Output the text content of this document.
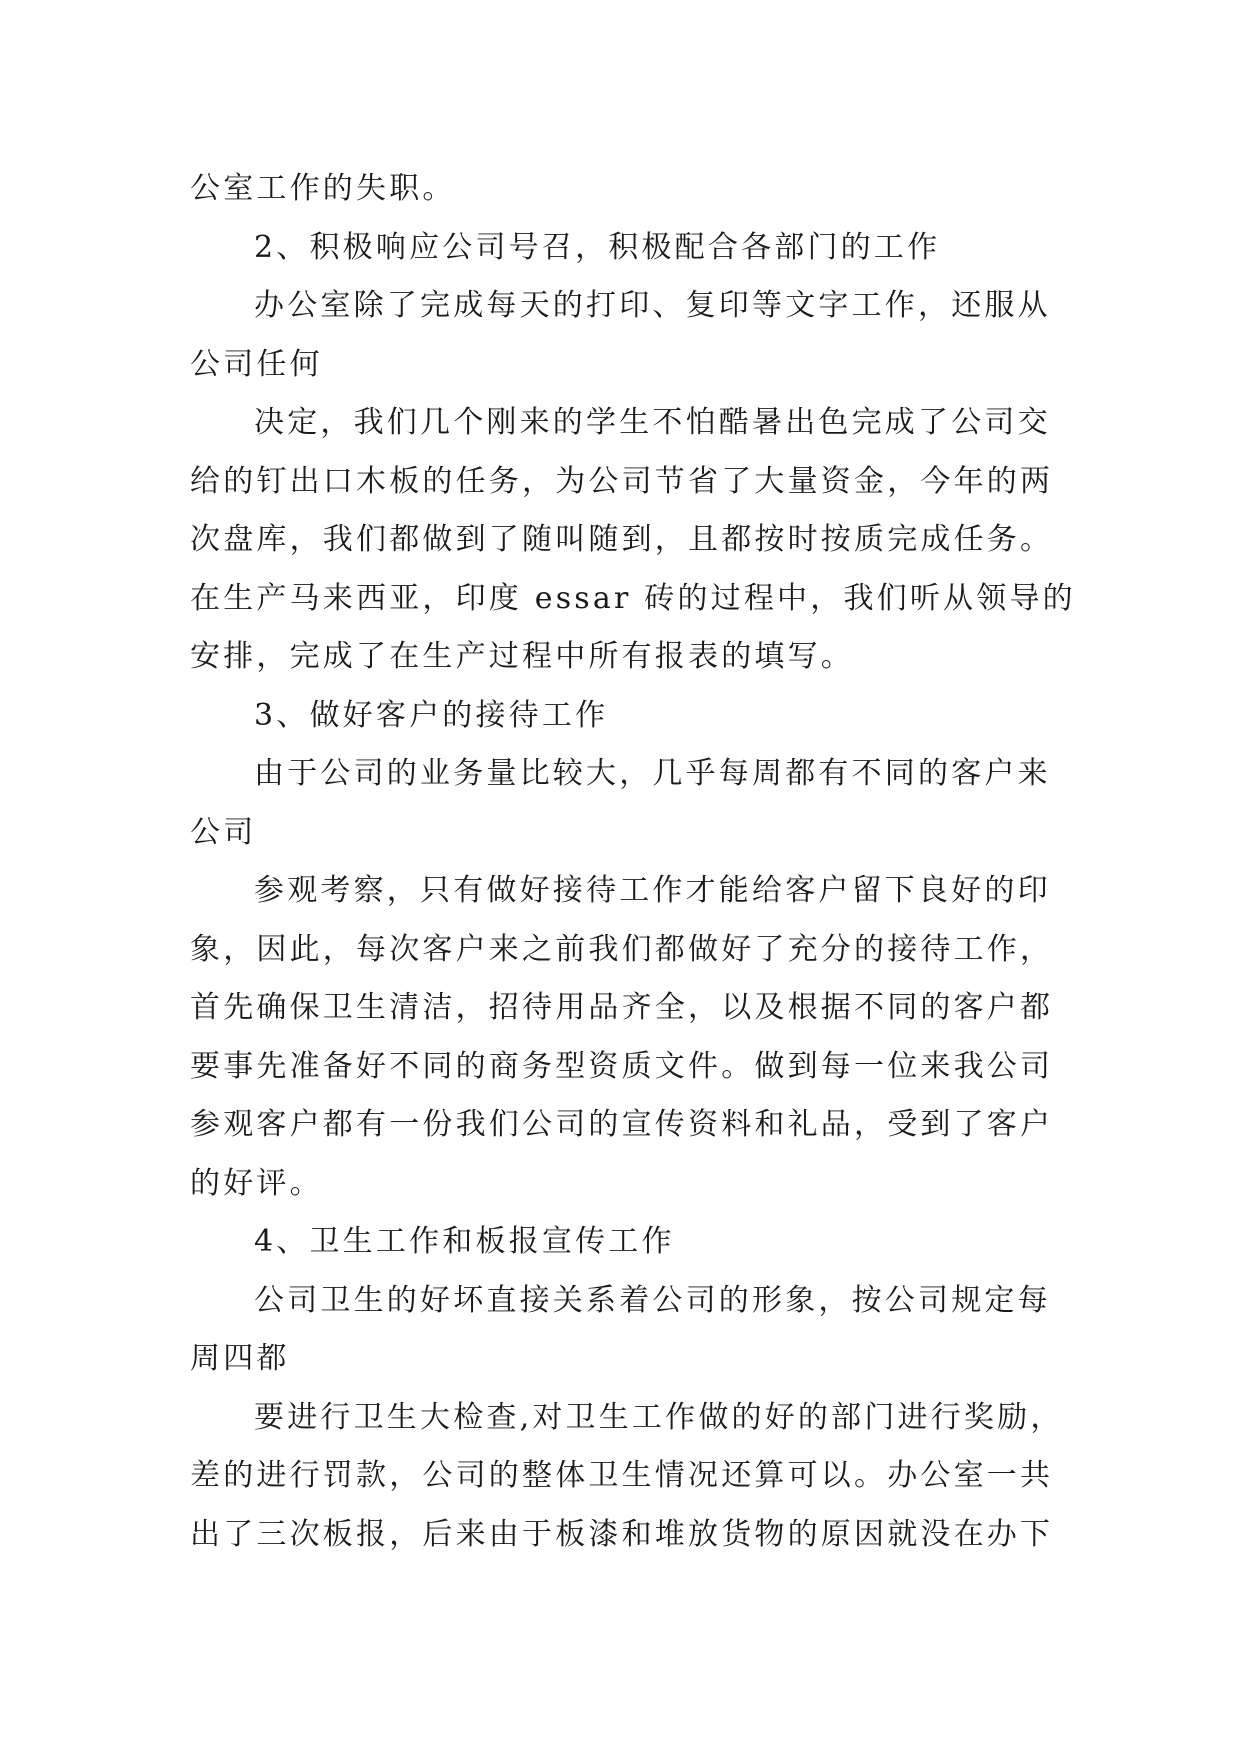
公室工作的失职。
2、积极响应公司号召，积极配合各部门的工作
办公室除了完成每天的打印、复印等文字工作，还服从
公司任何
决定，我们几个刚来的学生不怕酷暑出色完成了公司交
给的钉出口木板的任务，为公司节省了大量资金，今年的两
次盘库，我们都做到了随叫随到，且都按时按质完成任务。
在生产马来西亚，印度 essar 砖的过程中，我们听从领导的
安排，完成了在生产过程中所有报表的填写。
3、做好客户的接待工作
由于公司的业务量比较大，几乎每周都有不同的客户来
公司
参观考察，只有做好接待工作才能给客户留下良好的印
象，因此，每次客户来之前我们都做好了充分的接待工作，
首先确保卫生清洁，招待用品齐全，以及根据不同的客户都
要事先准备好不同的商务型资质文件。做到每一位来我公司
参观客户都有一份我们公司的宣传资料和礼品，受到了客户
的好评。
4、卫生工作和板报宣传工作
公司卫生的好坏直接关系着公司的形象，按公司规定每
周四都
要进行卫生大检查,对卫生工作做的好的部门进行奖励，
差的进行罚款，公司的整体卫生情况还算可以。办公室一共
出了三次板报，后来由于板漆和堆放货物的原因就没在办下
